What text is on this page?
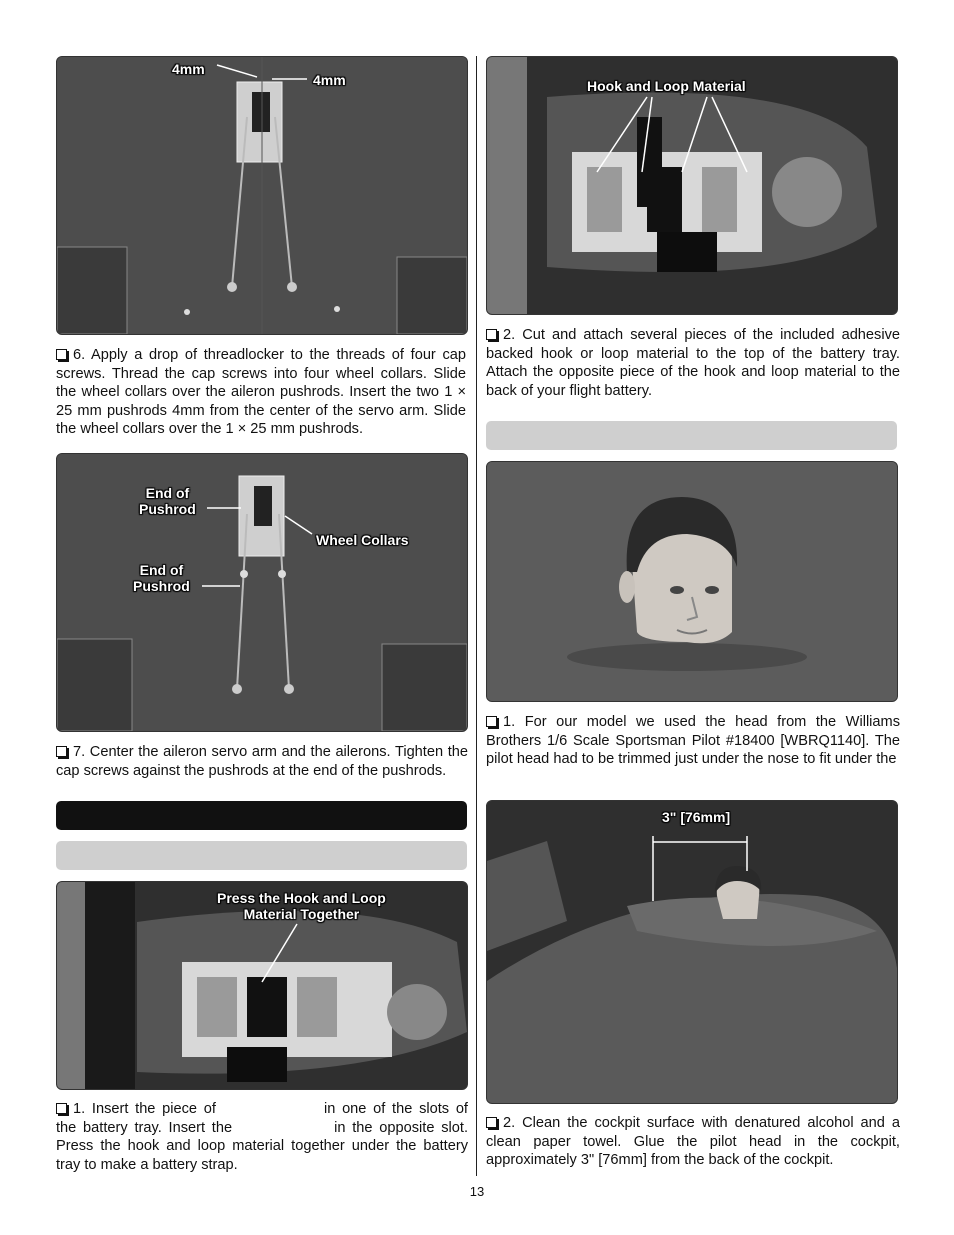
4mm
4mm

6. Apply a drop of threadlocker to the threads of four cap screws. Thread the cap screws into four wheel collars. Slide the wheel collars over the aileron pushrods. Insert the two 1 × 25 mm pushrods 4mm from the center of the servo arm. Slide the wheel collars over the 1 × 25 mm pushrods.

End of
Pushrod
Wheel Collars
End of
Pushrod

7. Center the aileron servo arm and the ailerons. Tighten the cap screws against the pushrods at the end of the pushrods.

Press the Hook and Loop
Material Together

1. Insert the piece of	in one of the slots of the battery tray. Insert the	in the opposite slot. Press the hook and loop material together under the battery tray to make a battery strap.

Hook and Loop Material

2. Cut and attach several pieces of the included adhesive backed hook or loop material to the top of the battery tray. Attach the opposite piece of the hook and loop material to the back of your flight battery.

1. For our model we used the head from the Williams Brothers 1/6 Scale Sportsman Pilot #18400 [WBRQ1140]. The pilot head had to be trimmed just under the nose to fit under the

3" [76mm]

2. Clean the cockpit surface with denatured alcohol and a clean paper towel. Glue the pilot head in the cockpit, approximately 3" [76mm] from the back of the cockpit.

13
